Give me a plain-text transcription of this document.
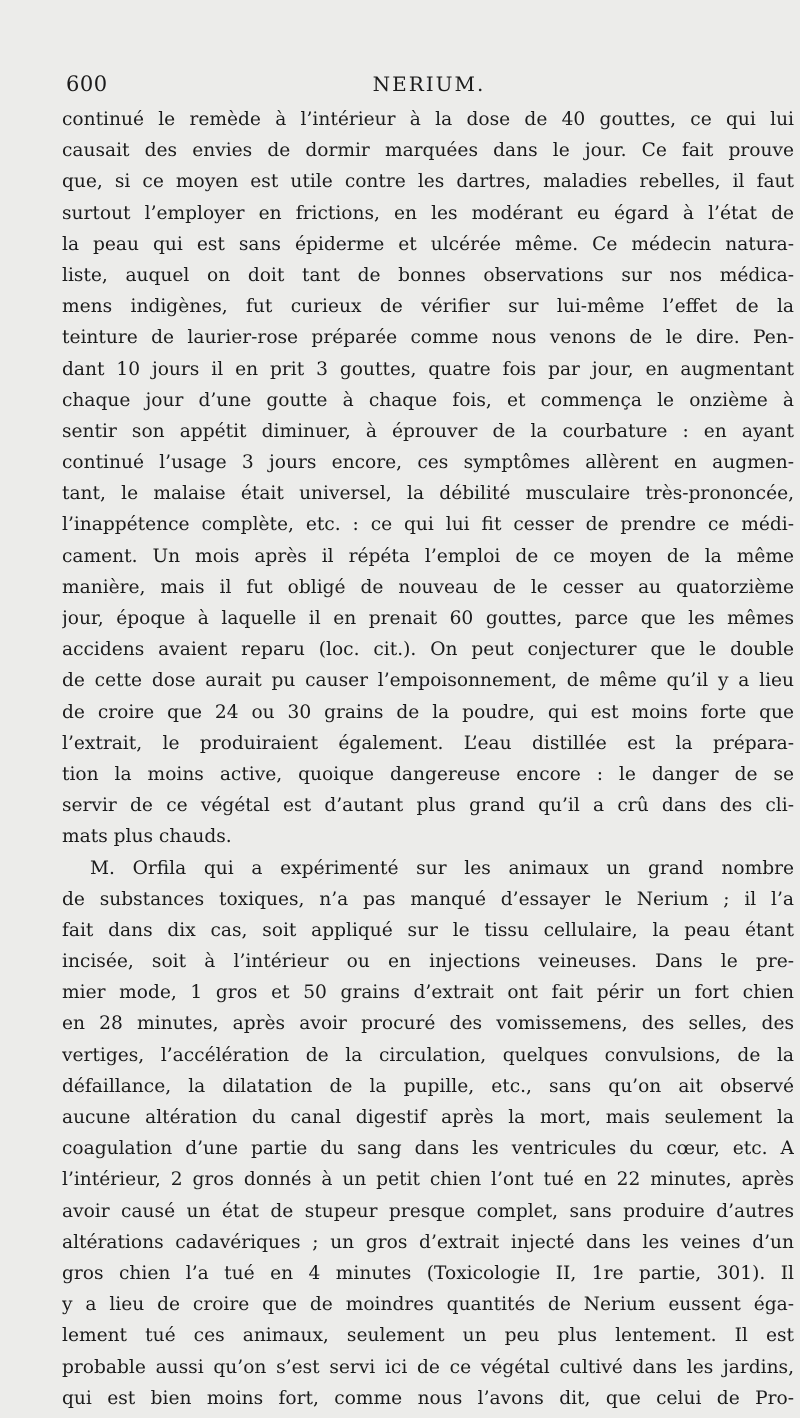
600	NERIUM.
continué le remède à l’intérieur à la dose de 40 gouttes, ce qui lui
causait des envies de dormir marquées dans le jour. Ce fait prouve
que, si ce moyen est utile contre les dartres, maladies rebelles, il faut
surtout l’employer en frictions, en les modérant eu égard à l’état de
la peau qui est sans épiderme et ulcérée même. Ce médecin natura-
liste, auquel on doit tant de bonnes observations sur nos médica-
mens indigènes, fut curieux de vérifier sur lui-même l’effet de la
teinture de laurier-rose préparée comme nous venons de le dire. Pen-
dant 10 jours il en prit 3 gouttes, quatre fois par jour, en augmentant
chaque jour d’une goutte à chaque fois, et commença le onzième à
sentir son appétit diminuer, à éprouver de la courbature : en ayant
continué l’usage 3 jours encore, ces symptômes allèrent en augmen-
tant, le malaise était universel, la débilité musculaire très-prononcée,
l’inappétence complète, etc. : ce qui lui fit cesser de prendre ce médi-
cament. Un mois après il répéta l’emploi de ce moyen de la même
manière, mais il fut obligé de nouveau de le cesser au quatorzième
jour, époque à laquelle il en prenait 60 gouttes, parce que les mêmes
accidens avaient reparu (loc. cit.). On peut conjecturer que le double
de cette dose aurait pu causer l’empoisonnement, de même qu’il y a lieu
de croire que 24 ou 30 grains de la poudre, qui est moins forte que
l’extrait, le produiraient également. L’eau distillée est la prépara-
tion la moins active, quoique dangereuse encore : le danger de se
servir de ce végétal est d’autant plus grand qu’il a crû dans des cli-
mats plus chauds.
M. Orfila qui a expérimenté sur les animaux un grand nombre
de substances toxiques, n’a pas manqué d’essayer le Nerium ; il l’a
fait dans dix cas, soit appliqué sur le tissu cellulaire, la peau étant
incisée, soit à l’intérieur ou en injections veineuses. Dans le pre-
mier mode, 1 gros et 50 grains d’extrait ont fait périr un fort chien
en 28 minutes, après avoir procuré des vomissemens, des selles, des
vertiges, l’accélération de la circulation, quelques convulsions, de la
défaillance, la dilatation de la pupille, etc., sans qu’on ait observé
aucune altération du canal digestif après la mort, mais seulement la
coagulation d’une partie du sang dans les ventricules du cœur, etc. A
l’intérieur, 2 gros donnés à un petit chien l’ont tué en 22 minutes, après
avoir causé un état de stupeur presque complet, sans produire d’autres
altérations cadavériques ; un gros d’extrait injecté dans les veines d’un
gros chien l’a tué en 4 minutes (Toxicologie II, 1re partie, 301). Il
y a lieu de croire que de moindres quantités de Nerium eussent éga-
lement tué ces animaux, seulement un peu plus lentement. Il est
probable aussi qu’on s’est servi ici de ce végétal cultivé dans les jardins,
qui est bien moins fort, comme nous l’avons dit, que celui de Pro-
